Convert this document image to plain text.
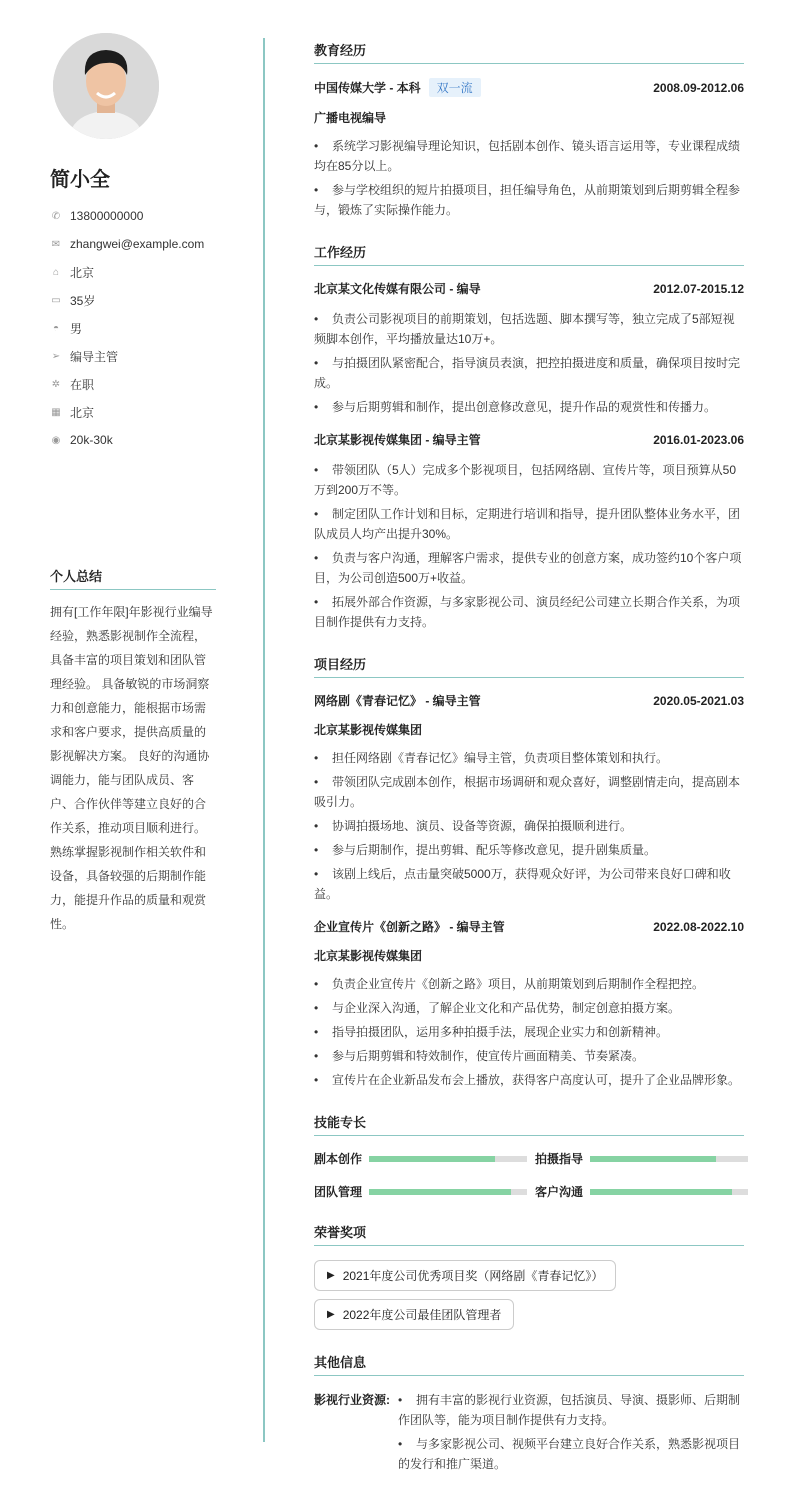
简小全
✆ 13800000000
✉ zhangwei@example.com
⌂ 北京
▭ 35岁
◓ 男
➢ 编导主管
✲ 在职
▦ 北京
◉ 20k-30k
个人总结
拥有[工作年限]年影视行业编导经验，熟悉影视制作全流程，具备丰富的项目策划和团队管理经验。 具备敏锐的市场洞察力和创意能力，能根据市场需求和客户要求，提供高质量的影视解决方案。 良好的沟通协调能力，能与团队成员、客户、合作伙伴等建立良好的合作关系，推动项目顺利进行。 熟练掌握影视制作相关软件和设备，具备较强的后期制作能力，能提升作品的质量和观赏性。
教育经历
中国传媒大学 - 本科 双一流	2008.09-2012.06
广播电视编导
• 系统学习影视编导理论知识，包括剧本创作、镜头语言运用等，专业课程成绩均在85分以上。
• 参与学校组织的短片拍摄项目，担任编导角色，从前期策划到后期剪辑全程参与，锻炼了实际操作能力。
工作经历
北京某文化传媒有限公司 - 编导	2012.07-2015.12
• 负责公司影视项目的前期策划，包括选题、脚本撰写等，独立完成了5部短视频脚本创作，平均播放量达10万+。
• 与拍摄团队紧密配合，指导演员表演，把控拍摄进度和质量，确保项目按时完成。
• 参与后期剪辑和制作，提出创意修改意见，提升作品的观赏性和传播力。
北京某影视传媒集团 - 编导主管	2016.01-2023.06
• 带领团队（5人）完成多个影视项目，包括网络剧、宣传片等，项目预算从50万到200万不等。
• 制定团队工作计划和目标，定期进行培训和指导，提升团队整体业务水平，团队成员人均产出提升30%。
• 负责与客户沟通，理解客户需求，提供专业的创意方案，成功签约10个客户项目，为公司创造500万+收益。
• 拓展外部合作资源，与多家影视公司、演员经纪公司建立长期合作关系，为项目制作提供有力支持。
项目经历
网络剧《青春记忆》 - 编导主管	2020.05-2021.03
北京某影视传媒集团
• 担任网络剧《青春记忆》编导主管，负责项目整体策划和执行。
• 带领团队完成剧本创作，根据市场调研和观众喜好，调整剧情走向，提高剧本吸引力。
• 协调拍摄场地、演员、设备等资源，确保拍摄顺利进行。
• 参与后期制作，提出剪辑、配乐等修改意见，提升剧集质量。
• 该剧上线后，点击量突破5000万，获得观众好评，为公司带来良好口碑和收益。
企业宣传片《创新之路》 - 编导主管	2022.08-2022.10
北京某影视传媒集团
• 负责企业宣传片《创新之路》项目，从前期策划到后期制作全程把控。
• 与企业深入沟通，了解企业文化和产品优势，制定创意拍摄方案。
• 指导拍摄团队，运用多种拍摄手法，展现企业实力和创新精神。
• 参与后期剪辑和特效制作，使宣传片画面精美、节奏紧凑。
• 宣传片在企业新品发布会上播放，获得客户高度认可，提升了企业品牌形象。
技能专长
剧本创作	拍摄指导
团队管理	客户沟通
荣誉奖项
▶ 2021年度公司优秀项目奖（网络剧《青春记忆》）
▶ 2022年度公司最佳团队管理者
其他信息
影视行业资源:	• 拥有丰富的影视行业资源，包括演员、导演、摄影师、后期制作团队等，能为项目制作提供有力支持。
• 与多家影视公司、视频平台建立良好合作关系，熟悉影视项目的发行和推广渠道。
